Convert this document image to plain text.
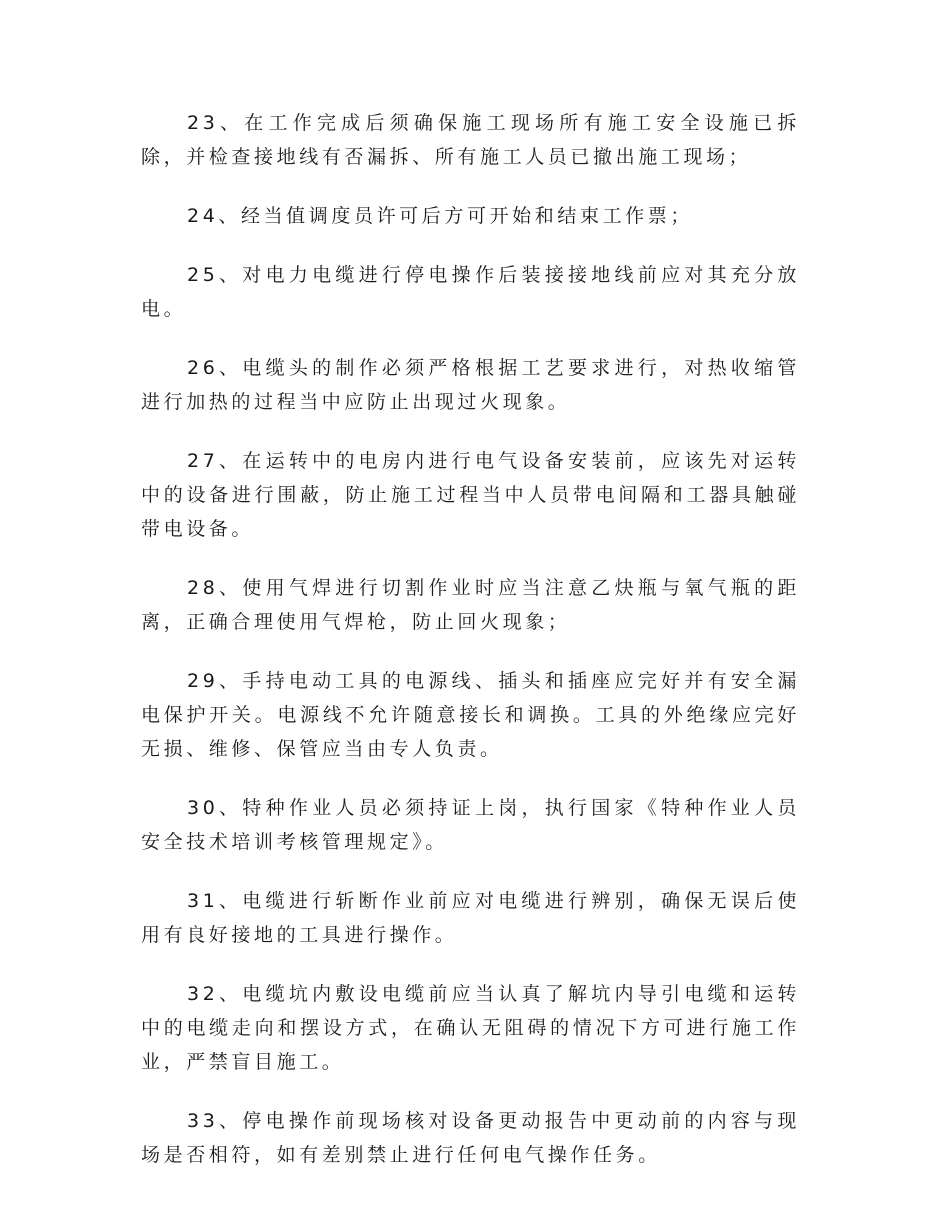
23、在工作完成后须确保施工现场所有施工安全设施已拆除，并检查接地线有否漏拆、所有施工人员已撤出施工现场；

24、经当值调度员许可后方可开始和结束工作票；

25、对电力电缆进行停电操作后装接接地线前应对其充分放电。

26、电缆头的制作必须严格根据工艺要求进行，对热收缩管进行加热的过程当中应防止出现过火现象。

27、在运转中的电房内进行电气设备安装前，应该先对运转中的设备进行围蔽，防止施工过程当中人员带电间隔和工器具触碰带电设备。

28、使用气焊进行切割作业时应当注意乙炔瓶与氧气瓶的距离，正确合理使用气焊枪，防止回火现象；

29、手持电动工具的电源线、插头和插座应完好并有安全漏电保护开关。电源线不允许随意接长和调换。工具的外绝缘应完好无损、维修、保管应当由专人负责。

30、特种作业人员必须持证上岗，执行国家《特种作业人员安全技术培训考核管理规定》。

31、电缆进行斩断作业前应对电缆进行辨别，确保无误后使用有良好接地的工具进行操作。

32、电缆坑内敷设电缆前应当认真了解坑内导引电缆和运转中的电缆走向和摆设方式，在确认无阻碍的情况下方可进行施工作业，严禁盲目施工。

33、停电操作前现场核对设备更动报告中更动前的内容与现场是否相符，如有差别禁止进行任何电气操作任务。
